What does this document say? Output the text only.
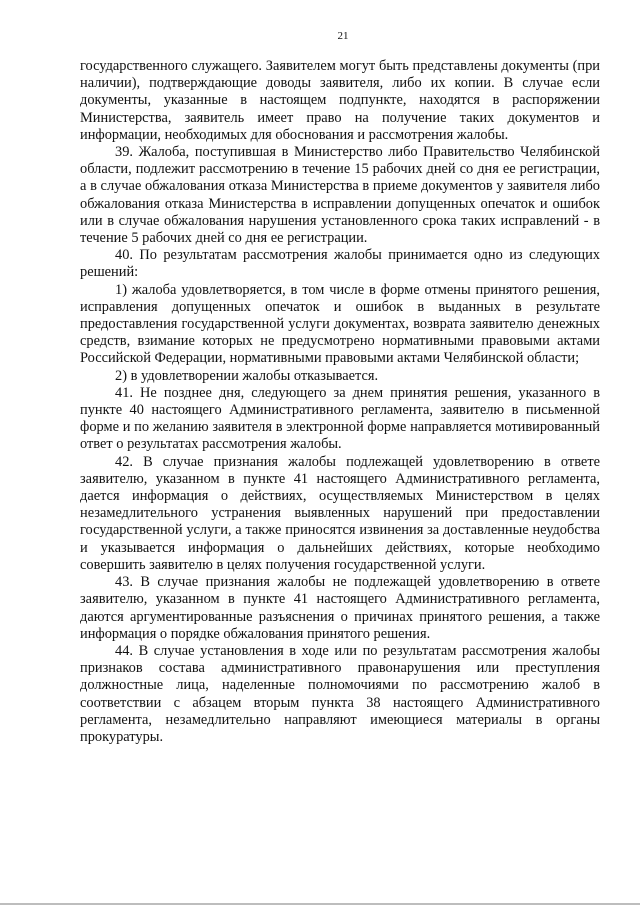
21

государственного служащего. Заявителем могут быть представлены документы (при наличии), подтверждающие доводы заявителя, либо их копии. В случае если документы, указанные в настоящем подпункте, находятся в распоряжении Министерства, заявитель имеет право на получение таких документов и информации, необходимых для обоснования и рассмотрения жалобы.

39. Жалоба, поступившая в Министерство либо Правительство Челябинской области, подлежит рассмотрению в течение 15 рабочих дней со дня ее регистрации, а в случае обжалования отказа Министерства в приеме документов у заявителя либо обжалования отказа Министерства в исправлении допущенных опечаток и ошибок или в случае обжалования нарушения установленного срока таких исправлений - в течение 5 рабочих дней со дня ее регистрации.

40. По результатам рассмотрения жалобы принимается одно из следующих решений:

1) жалоба удовлетворяется, в том числе в форме отмены принятого решения, исправления допущенных опечаток и ошибок в выданных в результате предоставления государственной услуги документах, возврата заявителю денежных средств, взимание которых не предусмотрено нормативными правовыми актами Российской Федерации, нормативными правовыми актами Челябинской области;

2) в удовлетворении жалобы отказывается.

41. Не позднее дня, следующего за днем принятия решения, указанного в пункте 40 настоящего Административного регламента, заявителю в письменной форме и по желанию заявителя в электронной форме направляется мотивированный ответ о результатах рассмотрения жалобы.

42. В случае признания жалобы подлежащей удовлетворению в ответе заявителю, указанном в пункте 41 настоящего Административного регламента, дается информация о действиях, осуществляемых Министерством в целях незамедлительного устранения выявленных нарушений при предоставлении государственной услуги, а также приносятся извинения за доставленные неудобства и указывается информация о дальнейших действиях, которые необходимо совершить заявителю в целях получения государственной услуги.

43. В случае признания жалобы не подлежащей удовлетворению в ответе заявителю, указанном в пункте 41 настоящего Административного регламента, даются аргументированные разъяснения о причинах принятого решения, а также информация о порядке обжалования принятого решения.

44. В случае установления в ходе или по результатам рассмотрения жалобы признаков состава административного правонарушения или преступления должностные лица, наделенные полномочиями по рассмотрению жалоб в соответствии с абзацем вторым пункта 38 настоящего Административного регламента, незамедлительно направляют имеющиеся материалы в органы прокуратуры.
